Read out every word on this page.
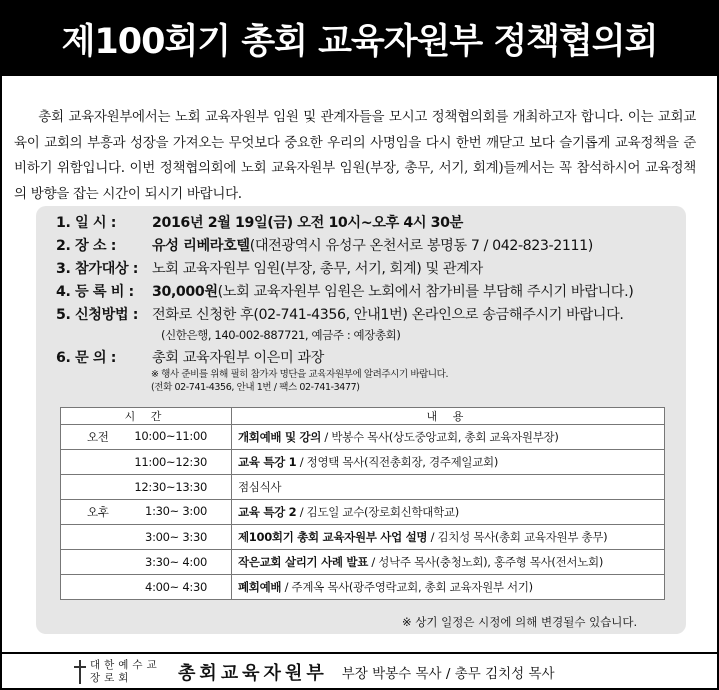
제100회기 총회 교육자원부 정책협의회

총회 교육자원부에서는 노회 교육자원부 임원 및 관계자들을 모시고 정책협의회를 개최하고자 합니다. 이는 교회교육이 교회의 부흥과 성장을 가져오는 무엇보다 중요한 우리의 사명임을 다시 한번 깨닫고 보다 슬기롭게 교육정책을 준비하기 위함입니다. 이번 정책협의회에 노회 교육자원부 임원(부장, 총무, 서기, 회계)들께서는 꼭 참석하시어 교육정책의 방향을 잡는 시간이 되시기 바랍니다.

1. 일 시 :	2016년 2월 19일(금) 오전 10시~오후 4시 30분
2. 장 소 :	유성 리베라호텔(대전광역시 유성구 온천서로 봉명동 7 / 042-823-2111)
3. 참가대상 : 노회 교육자원부 임원(부장, 총무, 서기, 회계) 및 관계자
4. 등 록 비 :	30,000원(노회 교육자원부 임원은 노회에서 참가비를 부담해 주시기 바랍니다.)
5. 신청방법 : 전화로 신청한 후(02-741-4356, 안내1번) 온라인으로 송금해주시기 바랍니다.
(신한은행, 140-002-887721, 예금주 : 예장총회)
6. 문 의 :	총회 교육자원부 이은미 과장
※ 행사 준비를 위해 필히 참가자 명단을 교육자원부에 알려주시기 바랍니다.
(전화 02-741-4356, 안내 1번 / 팩스 02-741-3477)
시 간	내 용

오전 10:00~11:00	개회예배 및 강의 / 박봉수 목사(상도중앙교회, 총회 교육자원부장)

11:00~12:30	교육 특강 1 / 정영택 목사(직전총회장, 경주제일교회)

12:30~13:30	점심식사

오후 1:30~ 3:00	교육 특강 2 / 김도일 교수(장로회신학대학교)

3:00~ 3:30	제100회기 총회 교육자원부 사업 설명 / 김치성 목사(총회 교육자원부 총무)

3:30~ 4:00	작은교회 살리기 사례 발표 / 성낙주 목사(충청노회), 홍주형 목사(전서노회)

4:00~ 4:30	폐회예배 / 주계옥 목사(광주영락교회, 총회 교육자원부 서기)
※ 상기 일정은 시정에 의해 변경될수 있습니다.
대한예수교
장로회	총회교육자원부 부장 박봉수 목사 / 총무 김치성 목사
